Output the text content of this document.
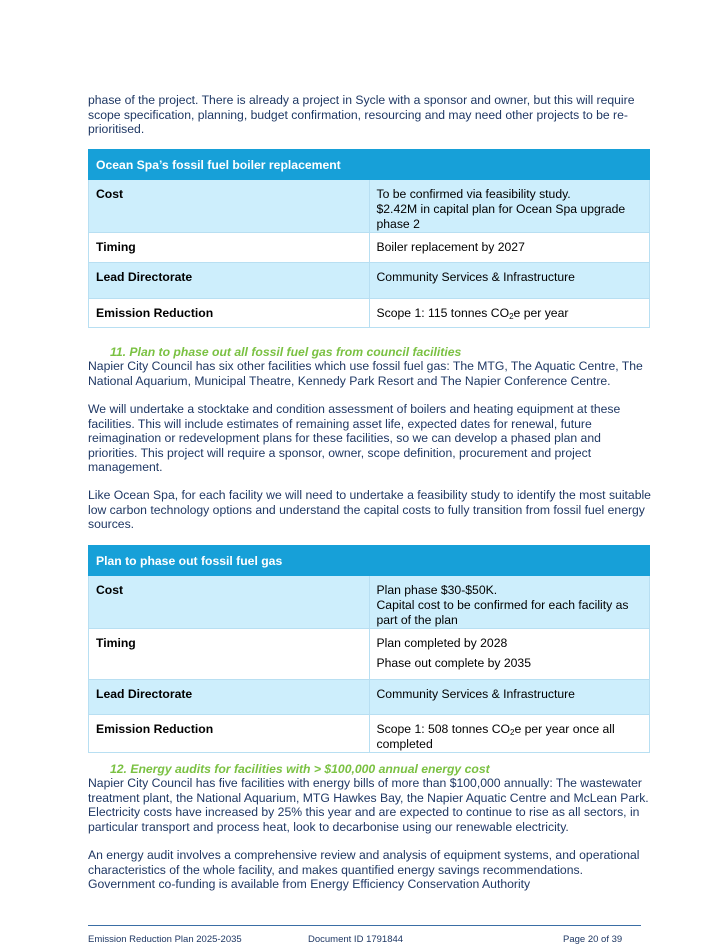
phase of the project. There is already a project in Sycle with a sponsor and owner, but this will require scope specification, planning, budget confirmation, resourcing and may need other projects to be re-prioritised.

Ocean Spa’s fossil fuel boiler replacement	
Cost	To be confirmed via feasibility study.
$2.42M in capital plan for Ocean Spa upgrade phase 2

Timing	Boiler replacement by 2027
Lead Directorate	Community Services & Infrastructure
Emission Reduction	Scope 1: 115 tonnes $CO_2e$ per year

11. Plan to phase out all fossil fuel gas from council facilities

Napier City Council has six other facilities which use fossil fuel gas: The MTG, The Aquatic Centre, The National Aquarium, Municipal Theatre, Kennedy Park Resort and The Napier Conference Centre.

We will undertake a stocktake and condition assessment of boilers and heating equipment at these facilities. This will include estimates of remaining asset life, expected dates for renewal, future reimagination or redevelopment plans for these facilities, so we can develop a phased plan and priorities. This project will require a sponsor, owner, scope definition, procurement and project management.

Like Ocean Spa, for each facility we will need to undertake a feasibility study to identify the most suitable low carbon technology options and understand the capital costs to fully transition from fossil fuel energy sources.

Plan to phase out fossil fuel gas	
Cost	Plan phase $30-$50K.
Capital cost to be confirmed for each facility as part of the plan

Timing	Plan completed by 2028
Phase out complete by 2035

Lead Directorate	Community Services & Infrastructure
Emission Reduction	Scope 1: 508 tonnes $CO_2e$ per year once all completed

12. Energy audits for facilities with > $100,000 annual energy cost

Napier City Council has five facilities with energy bills of more than $100,000 annually: The wastewater treatment plant, the National Aquarium, MTG Hawkes Bay, the Napier Aquatic Centre and McLean Park. Electricity costs have increased by 25% this year and are expected to continue to rise as all sectors, in particular transport and process heat, look to decarbonise using our renewable electricity.

An energy audit involves a comprehensive review and analysis of equipment systems, and operational characteristics of the whole facility, and makes quantified energy savings recommendations. Government co-funding is available from Energy Efficiency Conservation Authority

Emission Reduction Plan 2025-2035	Document ID 1791844	Page 20 of 39
